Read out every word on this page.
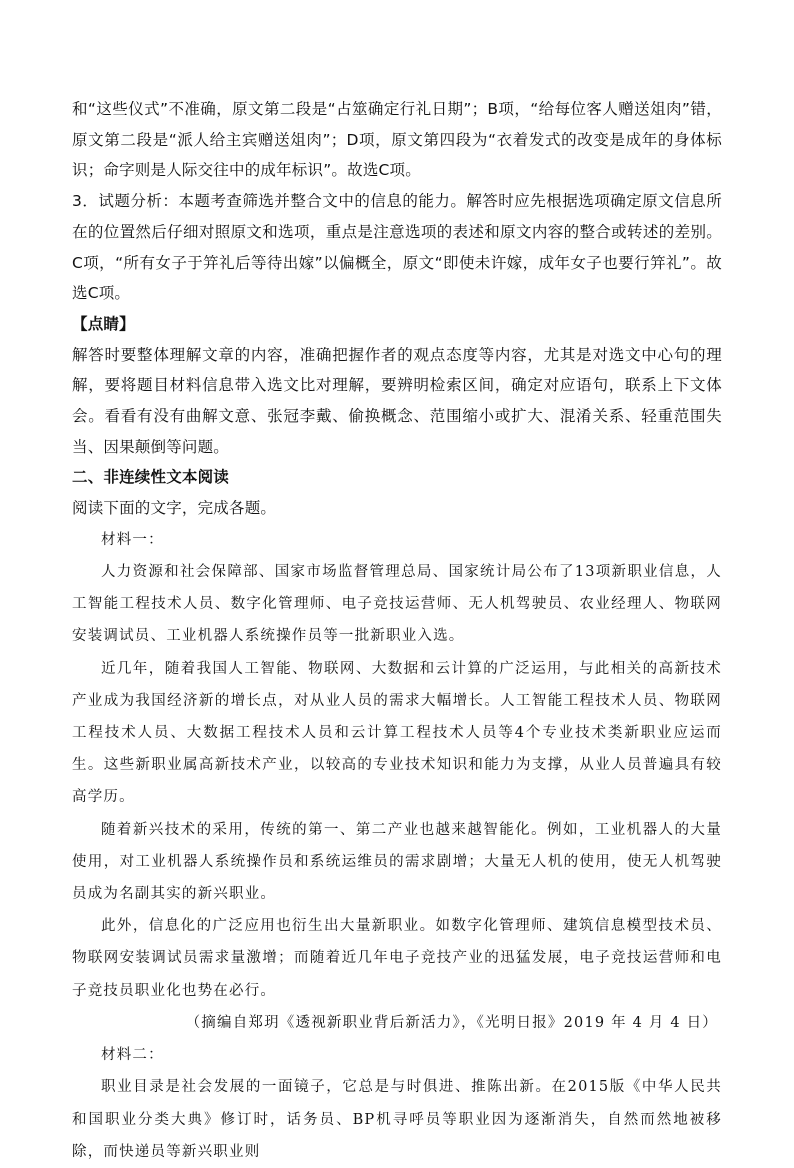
和“这些仪式”不准确，原文第二段是“占筮确定行礼日期”；B项，“给每位客人赠送俎肉”错，原文第二段是“派人给主宾赠送俎肉”；D项，原文第四段为“衣着发式的改变是成年的身体标识；命字则是人际交往中的成年标识”。故选C项。

3．试题分析：本题考查筛选并整合文中的信息的能力。解答时应先根据选项确定原文信息所在的位置然后仔细对照原文和选项，重点是注意选项的表述和原文内容的整合或转述的差别。C项，“所有女子于笄礼后等待出嫁”以偏概全，原文“即使未许嫁，成年女子也要行笄礼”。故选C项。

【点睛】

解答时要整体理解文章的内容，准确把握作者的观点态度等内容，尤其是对选文中心句的理解，要将题目材料信息带入选文比对理解，要辨明检索区间，确定对应语句，联系上下文体会。看看有没有曲解文意、张冠李戴、偷换概念、范围缩小或扩大、混淆关系、轻重范围失当、因果颠倒等问题。

二、非连续性文本阅读

阅读下面的文字，完成各题。

材料一：

人力资源和社会保障部、国家市场监督管理总局、国家统计局公布了13项新职业信息，人工智能工程技术人员、数字化管理师、电子竞技运营师、无人机驾驶员、农业经理人、物联网安装调试员、工业机器人系统操作员等一批新职业入选。

近几年，随着我国人工智能、物联网、大数据和云计算的广泛运用，与此相关的高新技术产业成为我国经济新的增长点，对从业人员的需求大幅增长。人工智能工程技术人员、物联网工程技术人员、大数据工程技术人员和云计算工程技术人员等4个专业技术类新职业应运而生。这些新职业属高新技术产业，以较高的专业技术知识和能力为支撑，从业人员普遍具有较高学历。

随着新兴技术的采用，传统的第一、第二产业也越来越智能化。例如，工业机器人的大量使用，对工业机器人系统操作员和系统运维员的需求剧增；大量无人机的使用，使无人机驾驶员成为名副其实的新兴职业。

此外，信息化的广泛应用也衍生出大量新职业。如数字化管理师、建筑信息模型技术员、物联网安装调试员需求量激增；而随着近几年电子竞技产业的迅猛发展，电子竞技运营师和电子竞技员职业化也势在必行。

（摘编自郑玥《透视新职业背后新活力》，《光明日报》2019 年 4 月 4 日）

材料二：

职业目录是社会发展的一面镜子，它总是与时俱进、推陈出新。在2015版《中华人民共和国职业分类大典》修订时，话务员、BP机寻呼员等职业因为逐渐消失，自然而然地被移除，而快递员等新兴职业则
